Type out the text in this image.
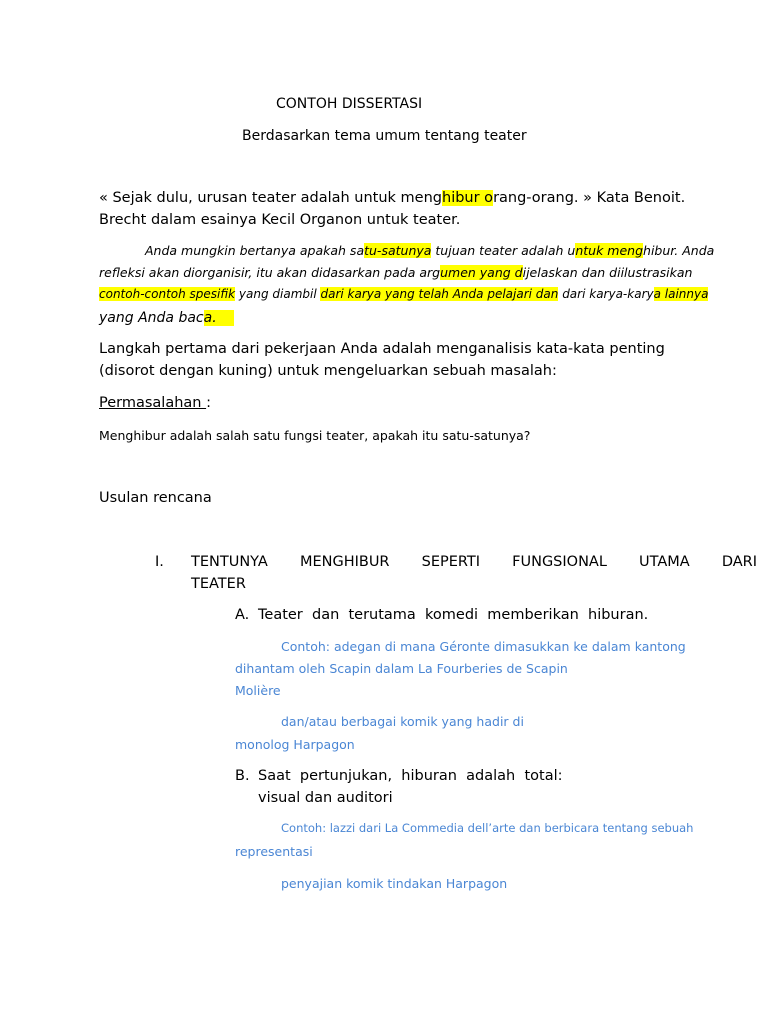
CONTOH DISSERTASI
Berdasarkan tema umum tentang teater
« Sejak dulu, urusan teater adalah untuk menghibur orang-orang. » Kata Benoit.
Brecht dalam esainya Kecil Organon untuk teater.
Anda mungkin bertanya apakah satu-satunya tujuan teater adalah untuk menghibur. Anda
refleksi akan diorganisir, itu akan didasarkan pada argumen yang dijelaskan dan diilustrasikan
contoh-contoh spesifik yang diambil dari karya yang telah Anda pelajari dan dari karya-karya lainnya
yang Anda baca.
Langkah pertama dari pekerjaan Anda adalah menganalisis kata-kata penting
(disorot dengan kuning) untuk mengeluarkan sebuah masalah:
Permasalahan :
Menghibur adalah salah satu fungsi teater, apakah itu satu-satunya?
Usulan rencana
I. TENTUNYA MENGHIBUR SEPERTI FUNGSIONAL UTAMA DARI
TEATER
A. Teater  dan  terutama  komedi  memberikan  hiburan.
Contoh: adegan di mana Géronte dimasukkan ke dalam kantong
dihantam oleh Scapin dalam La Fourberies de Scapin
Molière
dan/atau berbagai komik yang hadir di
monolog Harpagon
B. Saat  pertunjukan,  hiburan  adalah  total:
visual dan auditori
Contoh: lazzi dari La Commedia dell’arte dan berbicara tentang sebuah
representasi
penyajian komik tindakan Harpagon
